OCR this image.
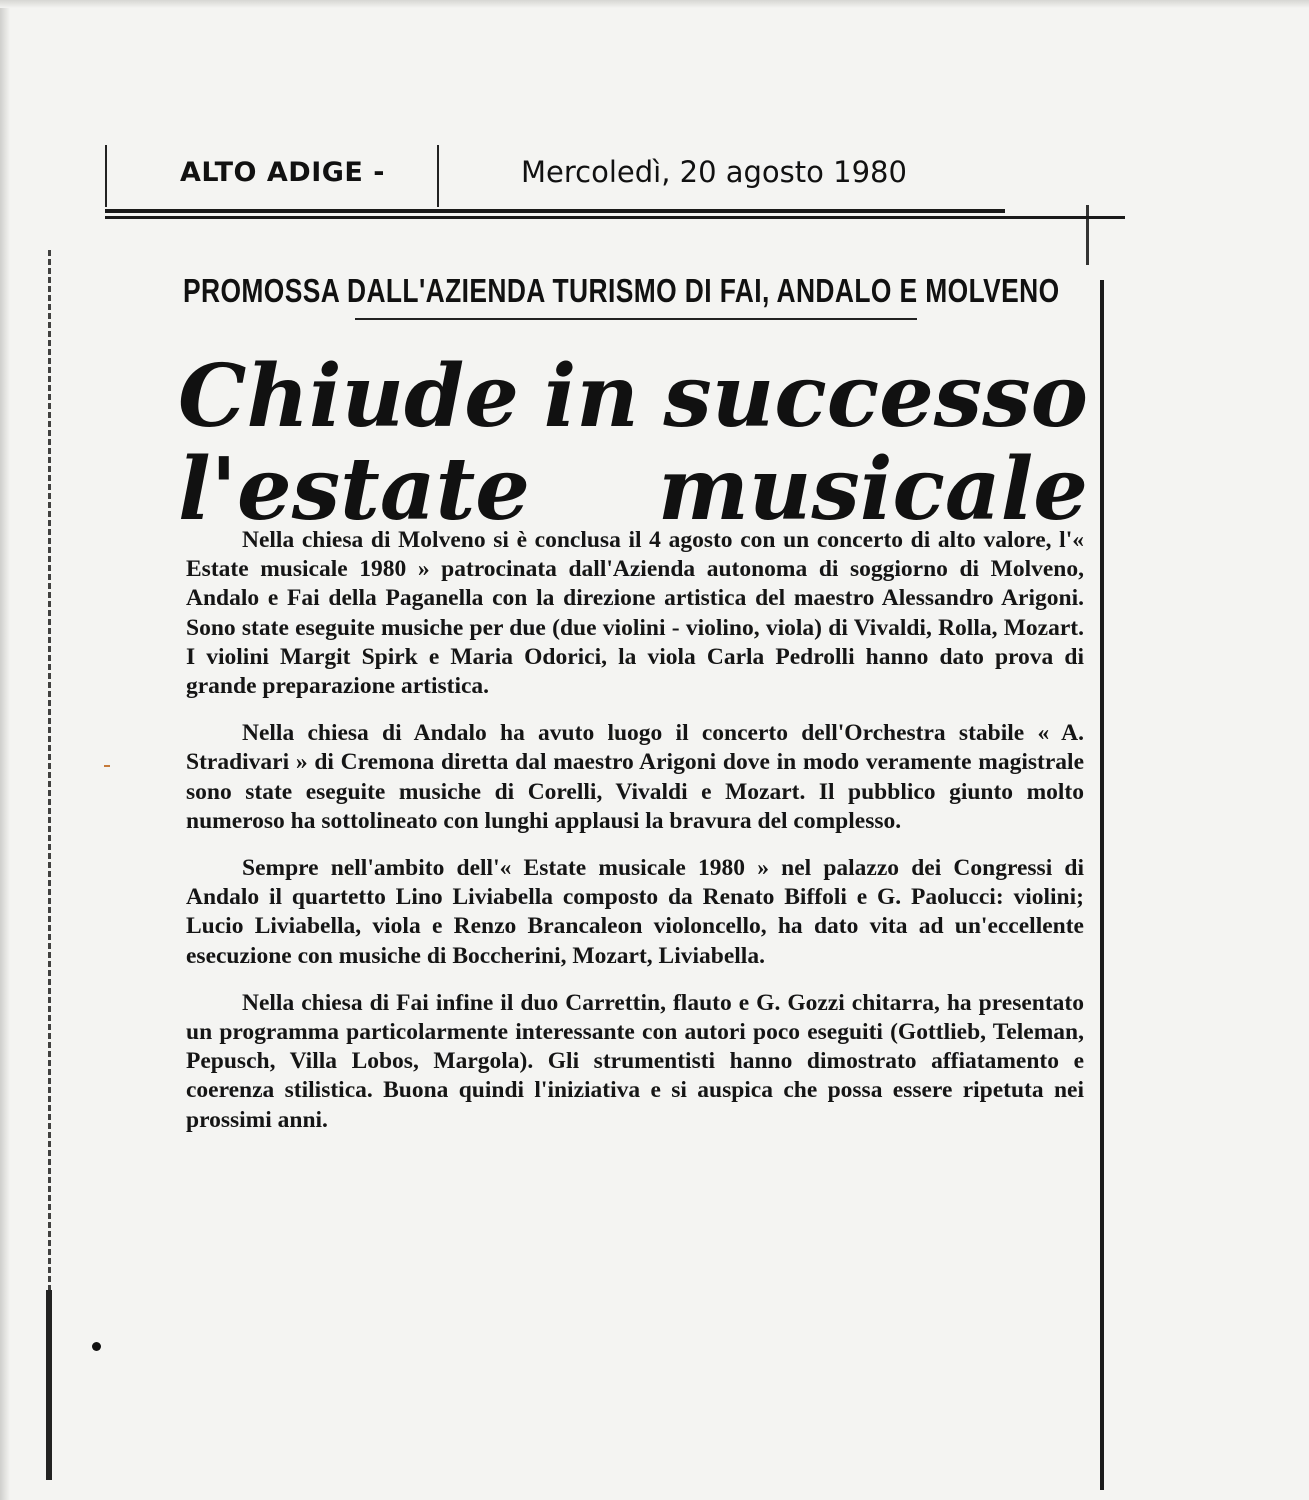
ALTO ADIGE -	Mercoledì, 20 agosto 1980
PROMOSSA DALL'AZIENDA TURISMO DI FAI, ANDALO E MOLVENO
Chiude in successo
l'estate musicale

Nella chiesa di Molveno si è conclusa il 4 agosto con un concerto di alto valore, l'« Estate musicale 1980 » patrocinata dall'Azienda autonoma di soggiorno di Molveno, Andalo e Fai della Paganella con la direzione artistica del maestro Alessandro Arigoni. Sono state eseguite musiche per due (due violini - violino, viola) di Vivaldi, Rolla, Mozart. I violini Margit Spirk e Maria Odorici, la viola Carla Pedrolli hanno dato prova di grande preparazione artistica.

Nella chiesa di Andalo ha avuto luogo il concerto dell'Orchestra stabile « A. Stradivari » di Cremona diretta dal maestro Arigoni dove in modo veramente magistrale sono state eseguite musiche di Corelli, Vivaldi e Mozart. Il pubblico giunto molto numeroso ha sottolineato con lunghi applausi la bravura del complesso.

Sempre nell'ambito dell'« Estate musicale 1980 » nel palazzo dei Congressi di Andalo il quartetto Lino Liviabella composto da Renato Biffoli e G. Paolucci: violini; Lucio Liviabella, viola e Renzo Brancaleon violoncello, ha dato vita ad un'eccellente esecuzione con musiche di Boccherini, Mozart, Liviabella.

Nella chiesa di Fai infine il duo Carrettin, flauto e G. Gozzi chitarra, ha presentato un programma particolarmente interessante con autori poco eseguiti (Gottlieb, Teleman, Pepusch, Villa Lobos, Margola). Gli strumentisti hanno dimostrato affiatamento e coerenza stilistica. Buona quindi l'iniziativa e si auspica che possa essere ripetuta nei prossimi anni.
